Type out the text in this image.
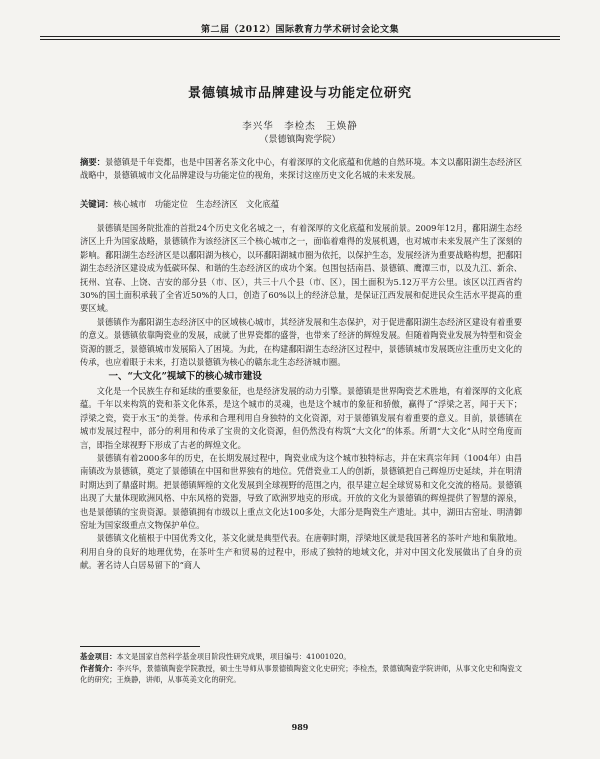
第二届（2012）国际教育力学术研讨会论文集
景德镇城市品牌建设与功能定位研究
李兴华　李检杰　王焕静
（景德镇陶瓷学院）
摘要：景德镇是千年瓷都，也是中国著名茶文化中心，有着深厚的文化底蕴和优越的自然环境。本文以鄱阳湖生态经济区战略中，景德镇城市文化品牌建设与功能定位的视角，来探讨这座历史文化名城的未来发展。
关键词：核心城市　功能定位　生态经济区　文化底蕴

景德镇是国务院批准的首批24个历史文化名城之一，有着深厚的文化底蕴和发展前景。2009年12月，鄱阳湖生态经济区上升为国家战略，景德镇作为该经济区三个核心城市之一，面临着难得的发展机遇，也对城市未来发展产生了深刻的影响。鄱阳湖生态经济区是以鄱阳湖为核心，以环鄱阳湖城市圈为依托，以保护生态，发展经济为重要战略构想，把鄱阳湖生态经济区建设成为低碳环保、和谐的生态经济区的成功个案。包围包括南昌、景德镇、鹰潭三市，以及九江、新余、抚州、宜春、上饶、吉安的部分县（市、区），共三十八个县（市、区），国土面积为5.12万平方公里。该区以江西省约30%的国土面积承载了全省近50%的人口，创造了60%以上的经济总量，是保证江西发展和促进民众生活水平提高的重要区域。

景德镇作为鄱阳湖生态经济区中的区域核心城市，其经济发展和生态保护，对于促进鄱阳湖生态经济区建设有着重要的意义。景德镇依靠陶瓷业的发展，成就了世界瓷都的盛誉，也带来了经济的辉煌发展。但随着陶瓷业发展为特型和资金资源的匮乏，景德镇城市发展陷入了困境。为此，在构建鄱阳湖生态经济区过程中，景德镇城市发展既应注重历史文化的传承，也应着眼于未来，打造以景德镇为核心的赣东北生态经济城市圈。

一、“大文化”视域下的核心城市建设

文化是一个民族生存和延续的重要象征，也是经济发展的动力引擎。景德镇是世界陶瓷艺术胜地，有着深厚的文化底蕴。千年以来构筑的瓷和茶文化体系，是这个城市的灵魂，也是这个城市的象征和骄傲，赢得了“浮梁之茗，闻于天下；浮梁之瓷，瓷于水玉”的美誉。传承和合理利用自身独特的文化资源，对于景德镇发展有着重要的意义。目前，景德镇在城市发展过程中，部分的利用和传承了宝贵的文化资源，但仍然没有构筑“大文化”的体系。所谓“大文化”从时空角度而言，即指全球视野下形成了古老的辉煌文化。

景德镇有着2000多年的历史，在长期发展过程中，陶瓷业成为这个城市独特标志，并在宋真宗年间（1004年）由昌南镇改为景德镇，奠定了景德镇在中国和世界独有的地位。凭借瓷业工人的创新，景德镇把自己辉煌历史延续，并在明清时期达到了鼎盛时期。把景德镇辉煌的文化发展到全球视野的范围之内，很早建立起全球贸易和文化交流的格局。景德镇出现了大量体现欧洲风格、中东风格的瓷器，导致了欧洲罗地克的形成。开放的文化为景德镇的辉煌提供了智慧的源泉，也是景德镇的宝贵资源。景德镇拥有市级以上重点文化达100多处，大部分是陶瓷生产遗址。其中，湖田古窑址、明清御窑址为国家级重点文物保护单位。

景德镇文化植根于中国优秀文化，茶文化就是典型代表。在唐朝时期，浮梁地区就是我国著名的茶叶产地和集散地。利用自身的良好的地理优势，在茶叶生产和贸易的过程中，形成了独特的地域文化，并对中国文化发展做出了自身的贡献。著名诗人白居易留下的“商人

基金项目：本文是国家自然科学基金项目阶段性研究成果，项目编号：41001020。

作者简介：李兴华，景德镇陶瓷学院教授，硕士生导师从事景德镇陶瓷文化史研究；李检杰，景德镇陶瓷学院讲师，从事文化史和陶瓷文化的研究；王焕静，讲师，从事英美文化的研究。

989
